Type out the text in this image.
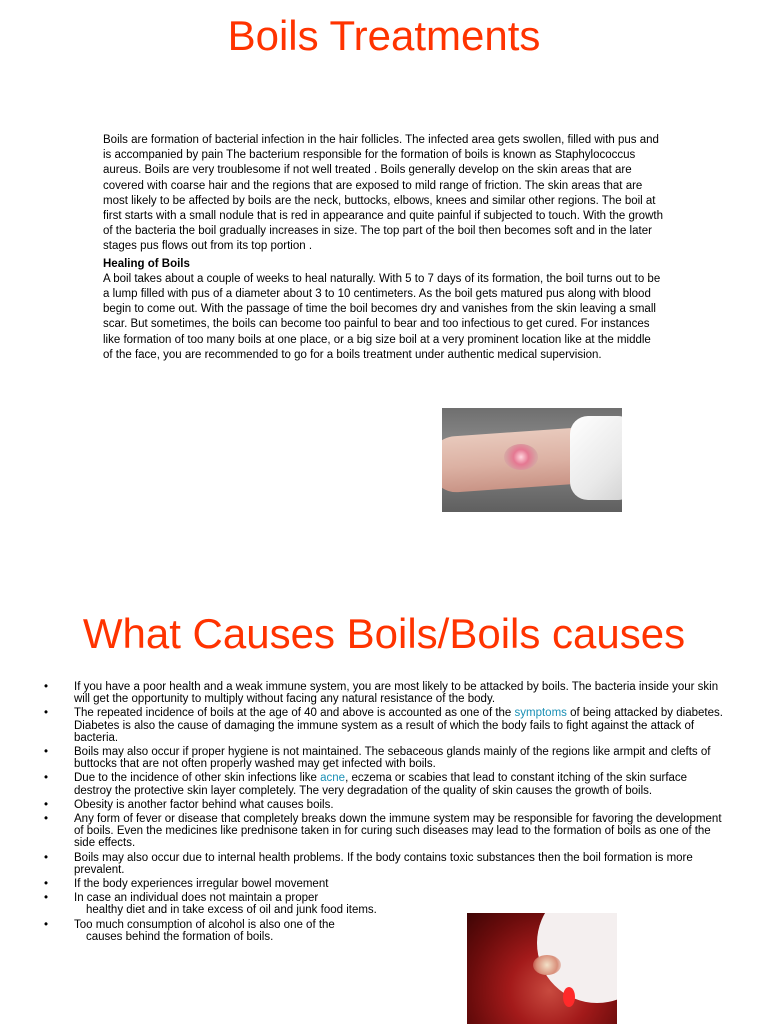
Boils Treatments

Boils are formation of bacterial infection in the hair follicles. The infected area gets swollen, filled with pus and is accompanied by pain The bacterium responsible for the formation of boils is known as Staphylococcus aureus. Boils are very troublesome if not well treated . Boils generally develop on the skin areas that are covered with coarse hair and the regions that are exposed to mild range of friction. The skin areas that are most likely to be affected by boils are the neck, buttocks, elbows, knees and similar other regions. The boil at first starts with a small nodule that is red in appearance and quite painful if subjected to touch. With the growth of the bacteria the boil gradually increases in size. The top part of the boil then becomes soft and in the later stages pus flows out from its top portion .

Healing of Boils

A boil takes about a couple of weeks to heal naturally. With 5 to 7 days of its formation, the boil turns out to be a lump filled with pus of a diameter about 3 to 10 centimeters. As the boil gets matured pus along with blood begin to come out. With the passage of time the boil becomes dry and vanishes from the skin leaving a small scar. But sometimes, the boils can become too painful to bear and too infectious to get cured. For instances like formation of too many boils at one place, or a big size boil at a very prominent location like at the middle of the face, you are recommended to go for a boils treatment under authentic medical supervision.

What Causes Boils/Boils causes
• If you have a poor health and a weak immune system, you are most likely to be attacked by boils. The bacteria inside your skin will get the opportunity to multiply without facing any natural resistance of the body.
• The repeated incidence of boils at the age of 40 and above is accounted as one of the symptoms of being attacked by diabetes. Diabetes is also the cause of damaging the immune system as a result of which the body fails to fight against the attack of bacteria.
• Boils may also occur if proper hygiene is not maintained. The sebaceous glands mainly of the regions like armpit and clefts of buttocks that are not often properly washed may get infected with boils.
• Due to the incidence of other skin infections like acne, eczema or scabies that lead to constant itching of the skin surface destroy the protective skin layer completely. The very degradation of the quality of skin causes the growth of boils.
• Obesity is another factor behind what causes boils.
• Any form of fever or disease that completely breaks down the immune system may be responsible for favoring the development of boils. Even the medicines like prednisone taken in for curing such diseases may lead to the formation of boils as one of the side effects.
• Boils may also occur due to internal health problems. If the body contains toxic substances then the boil formation is more prevalent.
• If the body experiences irregular bowel movement
• In case an individual does not maintain a proper
healthy diet and in take excess of oil and junk food items.
• Too much consumption of alcohol is also one of the
causes behind the formation of boils.
